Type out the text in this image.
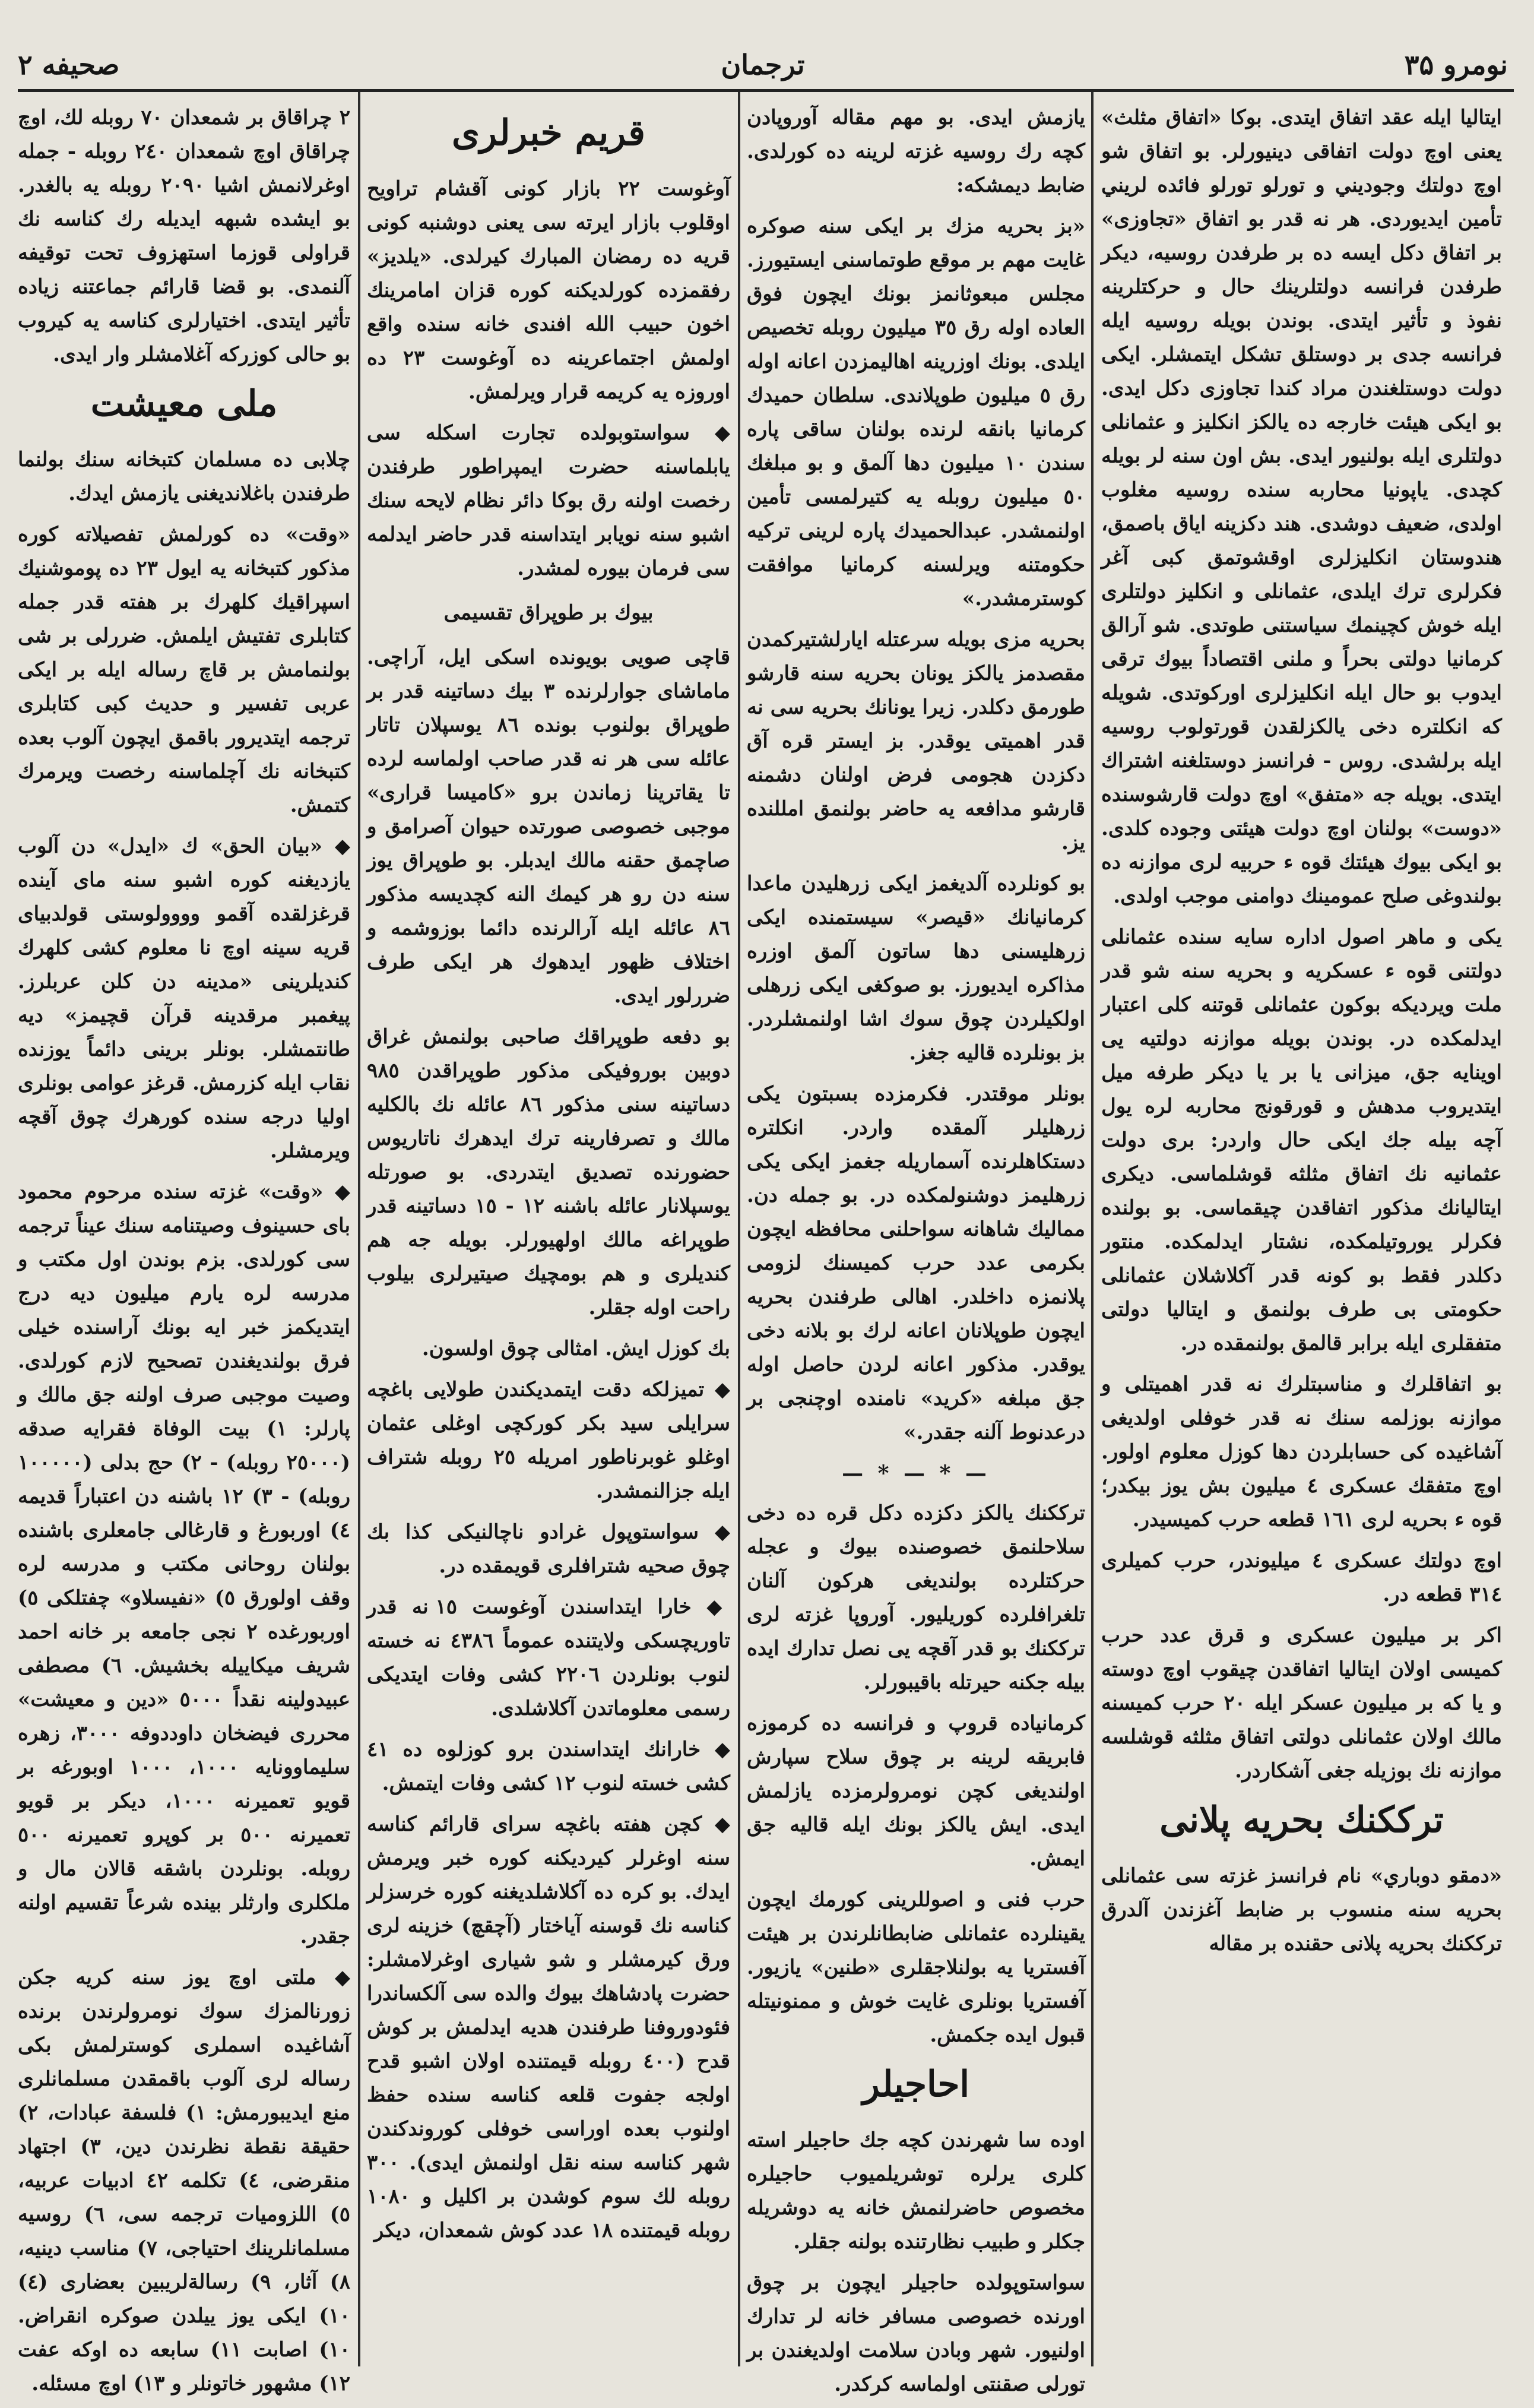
نومرو ۳۵
ترجمان
صحيفه ۲

ايتاليا ايله عقد اتفاق ايتدى. بوكا «اتفاق مثلث» يعنى اوچ دولت اتفاقى دينيورلر. بو اتفاق شو اوچ دولتك وجوديني و تورلو تورلو فائده لريني تأمين ايديوردى. هر نه قدر بو اتفاق «تجاوزى» بر اتفاق دكل ايسه ده بر طرفدن روسيه، ديكر طرفدن فرانسه دولتلرينك حال و حركتلرينه نفوذ و تأثير ايتدى. بوندن بويله روسيه ايله فرانسه جدى بر دوستلق تشكل ايتمشلر. ايكى دولت دوستلغندن مراد كندا تجاوزى دكل ايدى. بو ايكى هيئت خارجه ده يالكز انكليز و عثمانلى دولتلرى ايله بولنيور ايدى. بش اون سنه لر بويله كچدى. ياپونيا محاربه سنده روسيه مغلوب اولدى، ضعيف دوشدى. هند دكزينه اياق باصمق، هندوستان انكليزلرى اوقشوتمق كبى آغر فكرلرى ترك ايلدى، عثمانلى و انكليز دولتلرى ايله خوش كچينمك سياستنى طوتدى. شو آرالق كرمانيا دولتى بحراً و ملنى اقتصاداً بيوك ترقى ايدوب بو حال ايله انكليزلرى اوركوتدى. شويله كه انكلتره دخى يالكزلقدن قورتولوب روسيه ايله برلشدى. روس - فرانسز دوستلغنه اشتراك ايتدى. بويله جه «متفق» اوچ دولت قارشوسنده «دوست» بولنان اوچ دولت هيئتى وجوده كلدى. بو ايكى بيوك هيئتك قوه ء حربيه لرى موازنه ده بولندوغى صلح عمومينك دوامنى موجب اولدى.

يكى و ماهر اصول اداره سايه سنده عثمانلى دولتنى قوه ء عسكريه و بحريه سنه شو قدر ملت ويرديكه بوكون عثمانلى قوتنه كلى اعتبار ايدلمكده در. بوندن بويله موازنه دولتيه يى اوينايه جق، ميزانى يا بر يا ديكر طرفه ميل ايتديروب مدهش و قورقونج محاربه لره يول آچه بيله جك ايكى حال واردر: برى دولت عثمانيه نك اتفاق مثلثه قوشلماسى. ديكرى ايتاليانك مذكور اتفاقدن چيقماسى. بو بولنده فكرلر يوروتيلمكده، نشتار ايدلمكده. منتور دكلدر فقط بو كونه قدر آكلاشلان عثمانلى حكومتى بى طرف بولنمق و ايتاليا دولتى متفقلرى ايله برابر قالمق بولنمقده در.

بو اتفاقلرك و مناسبتلرك نه قدر اهميتلى و موازنه بوزلمه سنك نه قدر خوفلى اولديغى آشاغيده كى حسابلردن دها كوزل معلوم اولور. اوچ متفقك عسكرى ٤ ميليون بش يوز بيكدر؛ قوه ء بحريه لرى ١٦١ قطعه حرب كميسيدر.

اوچ دولتك عسكرى ٤ ميليوندر، حرب كميلرى ٣١٤ قطعه در.

اكر بر ميليون عسكرى و قرق عدد حرب كميسى اولان ايتاليا اتفاقدن چيقوب اوچ دوسته و يا كه بر ميليون عسكر ايله ٢٠ حرب كميسنه مالك اولان عثمانلى دولتى اتفاق مثلثه قوشلسه موازنه نك بوزيله جغى آشكاردر.

ترككنك بحريه پلانى

«دمقو دوباري» نام فرانسز غزته سى عثمانلى بحريه سنه منسوب بر ضابط آغزندن آلدرق ترككنك بحريه پلانى حقنده بر مقاله

يازمش ايدى. بو مهم مقاله آوروپادن كچه رك روسيه غزته لرينه ده كورلدى. ضابط ديمشكه:

«بز بحريه مزك بر ايكى سنه صوكره غايت مهم بر موقع طوتماسنى ايستيورز. مجلس مبعوثانمز بونك ايچون فوق العاده اوله رق ٣٥ ميليون روبله تخصيص ايلدى. بونك اوزرينه اهاليمزدن اعانه اوله رق ٥ ميليون طوپلاندى. سلطان حميدك كرمانيا بانقه لرنده بولنان ساقى پاره سندن ١٠ ميليون دها آلمق و بو مبلغك ٥٠ ميليون روبله يه كتيرلمسى تأمين اولنمشدر. عبدالحميدك پاره لرينى تركيه حكومتنه ويرلسنه كرمانيا موافقت كوسترمشدر.»

بحريه مزى بويله سرعتله ايارلشتيركمدن مقصدمز يالكز يونان بحريه سنه قارشو طورمق دكلدر. زيرا يونانك بحريه سى نه قدر اهميتى يوقدر. بز ايستر قره آق دكزدن هجومى فرض اولنان دشمنه قارشو مدافعه يه حاضر بولنمق امللنده يز.

بو كونلرده آلديغمز ايكى زرهليدن ماعدا كرمانيانك «قيصر» سيستمنده ايكى زرهليسنى دها ساتون آلمق اوزره مذاكره ايديورز. بو صوكغى ايكى زرهلى اولكيلردن چوق سوك اشا اولنمشلردر. بز بونلرده قاليه جغز.

بونلر موقتدر. فكرمزده بسبتون يكى زرهليلر آلمقده واردر. انكلتره دستكاهلرنده آسماريله جغمز ايكى يكى زرهليمز دوشنولمكده در. بو جمله دن. مماليك شاهانه سواحلنى محافظه ايچون بكرمى عدد حرب كميسنك لزومى پلانمزه داخلدر. اهالى طرفندن بحريه ايچون طوپلانان اعانه لرك بو بلانه دخى يوقدر. مذكور اعانه لردن حاصل اوله جق مبلغه «كريد» نامنده اوچنجى بر درعدنوط آلنه جقدر.»

— * — * —

ترككنك يالكز دكزده دكل قره ده دخى سلاحلنمق خصوصنده بيوك و عجله حركتلرده بولنديغى هركون آلنان تلغرافلرده كوريليور. آوروپا غزته لرى ترككنك بو قدر آقچه يى نصل تدارك ايده بيله جكنه حيرتله باقيبورلر.

كرمانياده قروپ و فرانسه ده كرموزه فابريقه لرينه بر چوق سلاح سپارش اولنديغى كچن نومرولرمزده يازلمش ايدى. ايش يالكز بونك ايله قاليه جق ايمش.

حرب فنى و اصوللرينى كورمك ايچون يقينلرده عثمانلى ضابطانلرندن بر هيئت آفستريا يه بولنلاجقلرى «طنين» يازيور. آفستريا بونلرى غايت خوش و ممنونيتله قبول ايده جكمش.

احاجيلر

اوده سا شهرندن كچه جك حاجيلر استه كلرى يرلره توشريلميوب حاجيلره مخصوص حاضرلنمش خانه يه دوشريله جكلر و طبيب نظارتنده بولنه جقلر.

سواستوپولده حاجيلر ايچون بر چوق اورنده خصوصى مسافر خانه لر تدارك اولنيور. شهر وبادن سلامت اولديغندن بر تورلى صقنتى اولماسه كركدر.

قريم خبرلرى

آوغوست ٢٢ بازار كونى آقشام تراويح اوقلوب بازار ايرته سى يعنى دوشنبه كونى قريه ده رمضان المبارك كيرلدى. «يلديز» رفقمزده كورلديكنه كوره قزان امامرينك اخون حبيب الله افندى خانه سنده واقع اولمش اجتماعرينه ده آوغوست ٢٣ ده اوروزه يه كريمه قرار ويرلمش.

◆ سواستوبولده تجارت اسكله سى يابلماسنه حضرت ايمپراطور طرفندن رخصت اولنه رق بوكا دائر نظام لايحه سنك اشبو سنه نويابر ايتداسنه قدر حاضر ايدلمه سى فرمان بيوره لمشدر.

بيوك بر طوپراق تقسيمى

قاچى صويى بويونده اسكى ايل، آراچى. ماماشاى جوارلرنده ٣ بيك دساتينه قدر بر طوپراق بولنوب بونده ٨٦ يوسپلان تاتار عائله سى هر نه قدر صاحب اولماسه لرده تا يقاترينا زماندن برو «كاميسا قرارى» موجبى خصوصى صورتده حيوان آصرامق و صاچمق حقنه مالك ايدبلر. بو طوپراق يوز سنه دن رو هر كيمك النه كچديسه مذكور ٨٦ عائله ايله آرالرنده دائما بوزوشمه و اختلاف ظهور ايدهوك هر ايكى طرف ضررلور ايدى.

بو دفعه طوپراقك صاحبى بولنمش غراق دوبين بوروفيكى مذكور طوپراقدن ٩٨٥ دساتينه سنى مذكور ٨٦ عائله نك بالكليه مالك و تصرفارينه ترك ايدهرك ناتاريوس حضورنده تصديق ايتدردى. بو صورتله يوسپلانار عائله باشنه ١٢ - ١٥ دساتينه قدر طوپراغه مالك اولهيورلر. بويله جه هم كنديلرى و هم بومچيك صيتيرلرى بيلوب راحت اوله جقلر.

بك كوزل ايش. امثالى چوق اولسون.

◆ تميزلكه دقت ايتمديكندن طولايى باغچه سرايلى سيد بكر كوركچى اوغلى عثمان اوغلو غوبرناطور امريله ٢٥ روبله شتراف ايله جزالنمشدر.

◆ سواستوپول غرادو ناچالنيكى كذا بك چوق صحيه شترافلرى قويمقده در.

◆ خارا ايتداسندن آوغوست ١٥ نه قدر تاوريچسكى ولايتنده عموماً ٤٣٨٦ نه خسته لنوب بونلردن ٢٢٠٦ كشى وفات ايتديكى رسمى معلوماتدن آكلاشلدى.

◆ خارانك ايتداسندن برو كوزلوه ده ٤١ كشى خسته لنوب ١٢ كشى وفات ايتمش.

◆ كچن هفته باغچه سراى قارائم كناسه سنه اوغرلر كيرديكنه كوره خبر ويرمش ايدك. بو كره ده آكلاشلديغنه كوره خرسزلر كناسه نك قوسنه آياختار (آچقچ) خزينه لرى ورق كيرمشلر و شو شيارى اوغرلامشلر: حضرت پادشاهك بيوك والده سى آلكساندرا فئودوروفنا طرفندن هديه ايدلمش بر كوش قدح (٤٠٠ روبله قيمتنده اولان اشبو قدح اولجه جفوت قلعه كناسه سنده حفظ اولنوب بعده اوراسى خوفلى كوروندكندن شهر كناسه سنه نقل اولنمش ايدى). ٣٠٠ روبله لك سوم كوشدن بر اكليل و ١٠٨٠ روبله قيمتنده ١٨ عدد كوش شمعدان، ديكر

٢ چراقاق بر شمعدان ٧٠ روبله لك، اوچ چراقاق اوچ شمعدان ٢٤٠ روبله - جمله اوغرلانمش اشيا ٢٠٩٠ روبله يه بالغدر. بو ايشده شبهه ايديله رك كناسه نك قراولى قوزما استهزوف تحت توقيفه آلنمدى. بو قضا قارائم جماعتنه زياده تأثير ايتدى. اختيارلرى كناسه يه كيروب بو حالى كوزركه آغلامشلر وار ايدى.

ملى معيشت

چلابى ده مسلمان كتبخانه سنك بولنما طرفندن باغلانديغنى يازمش ايدك.

«وقت» ده كورلمش تفصيلاته كوره مذكور كتبخانه يه ايول ٢٣ ده پوموشنيك اسپراقيك كلهرك بر هفته قدر جمله كتابلرى تفتيش ايلمش. ضررلى بر شى بولنمامش بر قاچ رساله ايله بر ايكى عربى تفسير و حديث كبى كتابلرى ترجمه ايتديرور باقمق ايچون آلوب بعده كتبخانه نك آچلماسنه رخصت ويرمرك كتمش.

◆ «بيان الحق» ك «ايدل» دن آلوب يازديغنه كوره اشبو سنه ماى آينده قرغزلقده آقمو وووولوستى قولدبياى قريه سينه اوچ نا معلوم كشى كلهرك كنديلرينى «مدينه دن كلن عربلرز. پيغمبر مرقدينه قرآن قچيمز» ديه طانتمشلر. بونلر برينى دائماً يوزنده نقاب ايله كزرمش. قرغز عوامى بونلرى اوليا درجه سنده كورهرك چوق آقچه ويرمشلر.

◆ «وقت» غزته سنده مرحوم محمود باى حسينوف وصيتنامه سنك عيناً ترجمه سى كورلدى. بزم بوندن اول مكتب و مدرسه لره يارم ميليون ديه درج ايتديكمز خبر ايه بونك آراسنده خيلى فرق بولنديغندن تصحيح لازم كورلدى. وصيت موجبى صرف اولنه جق مالك و پارلر: ١) بيت الوفاة فقرايه صدقه (٢٥٠٠٠ روبله) - ٢) حج بدلى (١٠٠٠٠٠ روبله) - ٣) ١٢ باشنه دن اعتباراً قديمه ٤) اوربورغ و قارغالى جامعلرى باشنده بولنان روحانى مكتب و مدرسه لره وقف اولورق ٥) «نفيسلاو» چفتلكى ٥) اوربورغده ٢ نجى جامعه بر خانه احمد شريف ميكاييله بخشيش. ٦) مصطفى عبيدولينه نقداً ٥٠٠٠ «دين و معيشت» محررى فيضخان داوددوفه ٣٠٠٠، زهره سليماوونايه ١٠٠٠، ١٠٠٠ اوبورغه بر قويو تعميرنه ١٠٠٠، ديكر بر قويو تعميرنه ٥٠٠ بر كوپرو تعميرنه ٥٠٠ روبله. بونلردن باشقه قالان مال و ملكلرى وارثلر بينده شرعاً تقسيم اولنه جقدر.

◆ ملتى اوچ يوز سنه كريه جكن زورنالمزك سوك نومرولرندن برنده آشاغيده اسملرى كوسترلمش بكى رساله لرى آلوب باقمقدن مسلمانلرى منع ايديبورمش: ١) فلسفة عبادات، ٢) حقيقة نقطة نظرندن دين، ٣) اجتهاد منقرضى، ٤) تكلمه ٤٢ ادبيات عربيه، ٥) اللزوميات ترجمه سى، ٦) روسيه مسلمانلرينك احتياجى، ٧) مناسب دينيه، ٨) آثار، ٩) رسالةلريبين بعضارى (٤) ١٠) ايكى يوز ييلدن صوكره انقراض. ١٠) اصابت ١١) سابعه ده اوكه عفت ١٢) مشهور خاتونلر و ١٣) اوچ مسئله.
